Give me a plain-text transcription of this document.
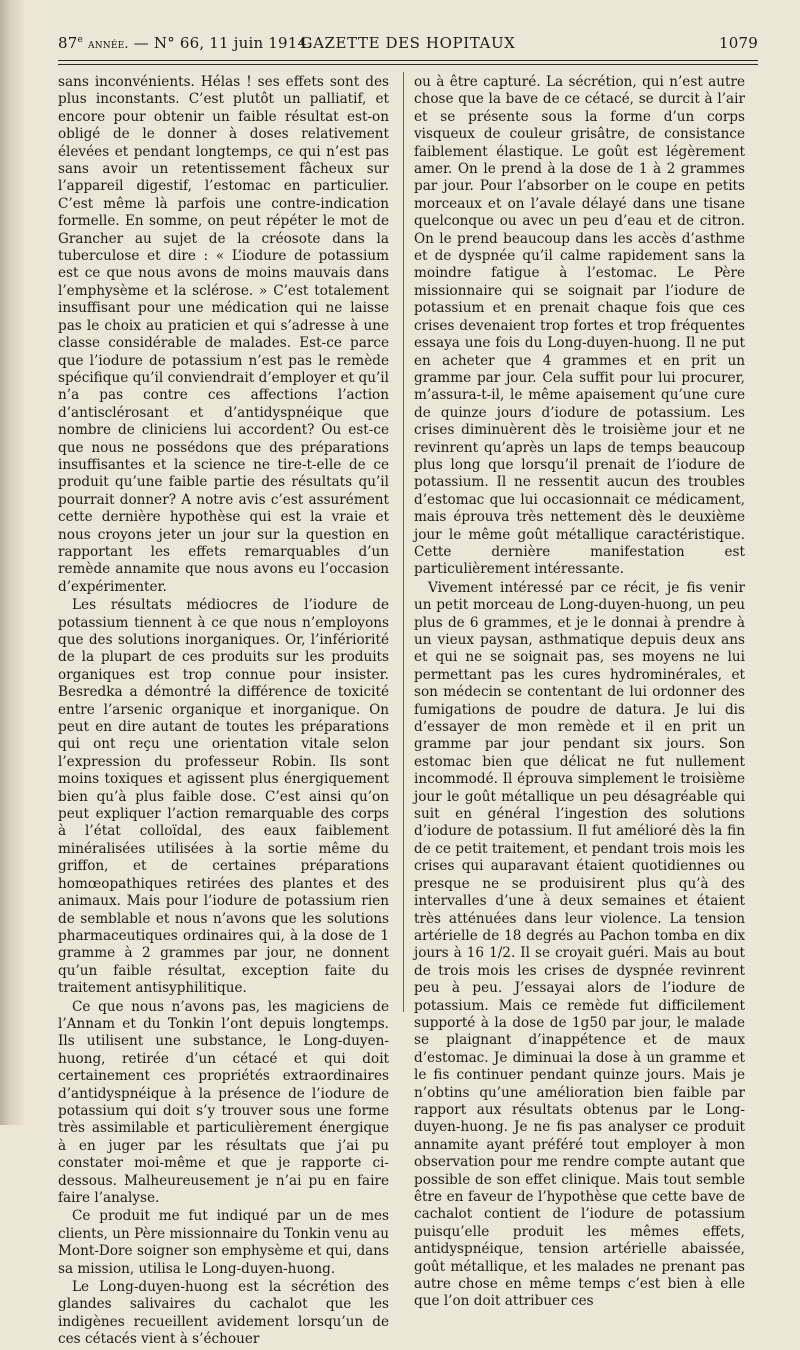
87e année. — N° 66, 11 juin 1914.
GAZETTE DES HOPITAUX	1079

sans inconvénients. Hélas ! ses effets sont des plus inconstants. C’est plutôt un palliatif, et encore pour obtenir un faible résultat est-on obligé de le donner à doses relativement élevées et pendant longtemps, ce qui n’est pas sans avoir un retentissement fâcheux sur l’appareil digestif, l’estomac en particulier. C’est même là parfois une contre-indication formelle. En somme, on peut répéter le mot de Grancher au sujet de la créosote dans la tuberculose et dire : « L’iodure de potassium est ce que nous avons de moins mauvais dans l’emphysème et la sclérose. » C’est totalement insuffisant pour une médication qui ne laisse pas le choix au praticien et qui s’adresse à une classe considérable de malades. Est-ce parce que l’iodure de potassium n’est pas le remède spécifique qu’il conviendrait d’employer et qu’il n’a pas contre ces affections l’action d’antisclérosant et d’antidyspnéique que nombre de cliniciens lui accordent? Ou est-ce que nous ne possédons que des préparations insuffisantes et la science ne tire-t-elle de ce produit qu’une faible partie des résultats qu’il pourrait donner? A notre avis c’est assurément cette dernière hypothèse qui est la vraie et nous croyons jeter un jour sur la question en rapportant les effets remarquables d’un remède annamite que nous avons eu l’occasion d’expérimenter.

Les résultats médiocres de l’iodure de potassium tiennent à ce que nous n’employons que des solutions inorganiques. Or, l’infériorité de la plupart de ces produits sur les produits organiques est trop connue pour insister. Besredka a démontré la différence de toxicité entre l’arsenic organique et inorganique. On peut en dire autant de toutes les préparations qui ont reçu une orientation vitale selon l’expression du professeur Robin. Ils sont moins toxiques et agissent plus énergiquement bien qu’à plus faible dose. C’est ainsi qu’on peut expliquer l’action remarquable des corps à l’état colloïdal, des eaux faiblement minéralisées utilisées à la sortie même du griffon, et de certaines préparations homœopathiques retirées des plantes et des animaux. Mais pour l’iodure de potassium rien de semblable et nous n’avons que les solutions pharmaceutiques ordinaires qui, à la dose de 1 gramme à 2 grammes par jour, ne donnent qu’un faible résultat, exception faite du traitement antisyphilitique.

Ce que nous n’avons pas, les magiciens de l’Annam et du Tonkin l’ont depuis longtemps. Ils utilisent une substance, le Long-duyen-huong, retirée d’un cétacé et qui doit certainement ces propriétés extraordinaires d’antidyspnéique à la présence de l’iodure de potassium qui doit s’y trouver sous une forme très assimilable et particulièrement énergique à en juger par les résultats que j’ai pu constater moi-même et que je rapporte ci-dessous. Malheureusement je n’ai pu en faire faire l’analyse.

Ce produit me fut indiqué par un de mes clients, un Père missionnaire du Tonkin venu au Mont-Dore soigner son emphysème et qui, dans sa mission, utilisa le Long-duyen-huong.

Le Long-duyen-huong est la sécrétion des glandes salivaires du cachalot que les indigènes recueillent avidement lorsqu’un de ces cétacés vient à s’échouer

ou à être capturé. La sécrétion, qui n’est autre chose que la bave de ce cétacé, se durcit à l’air et se présente sous la forme d’un corps visqueux de couleur grisâtre, de consistance faiblement élastique. Le goût est légèrement amer. On le prend à la dose de 1 à 2 grammes par jour. Pour l’absorber on le coupe en petits morceaux et on l’avale délayé dans une tisane quelconque ou avec un peu d’eau et de citron. On le prend beaucoup dans les accès d’asthme et de dyspnée qu’il calme rapidement sans la moindre fatigue à l’estomac. Le Père missionnaire qui se soignait par l’iodure de potassium et en prenait chaque fois que ces crises devenaient trop fortes et trop fréquentes essaya une fois du Long-duyen-huong. Il ne put en acheter que 4 grammes et en prit un gramme par jour. Cela suffit pour lui procurer, m’assura-t-il, le même apaisement qu’une cure de quinze jours d’iodure de potassium. Les crises diminuèrent dès le troisième jour et ne revinrent qu’après un laps de temps beaucoup plus long que lorsqu’il prenait de l’iodure de potassium. Il ne ressentit aucun des troubles d’estomac que lui occasionnait ce médicament, mais éprouva très nettement dès le deuxième jour le même goût métallique caractéristique. Cette dernière manifestation est particulièrement intéressante.

Vivement intéressé par ce récit, je fis venir un petit morceau de Long-duyen-huong, un peu plus de 6 grammes, et je le donnai à prendre à un vieux paysan, asthmatique depuis deux ans et qui ne se soignait pas, ses moyens ne lui permettant pas les cures hydrominérales, et son médecin se contentant de lui ordonner des fumigations de poudre de datura. Je lui dis d’essayer de mon remède et il en prit un gramme par jour pendant six jours. Son estomac bien que délicat ne fut nullement incommodé. Il éprouva simplement le troisième jour le goût métallique un peu désagréable qui suit en général l’ingestion des solutions d’iodure de potassium. Il fut amélioré dès la fin de ce petit traitement, et pendant trois mois les crises qui auparavant étaient quotidiennes ou presque ne se produisirent plus qu’à des intervalles d’une à deux semaines et étaient très atténuées dans leur violence. La tension artérielle de 18 degrés au Pachon tomba en dix jours à 16 1/2. Il se croyait guéri. Mais au bout de trois mois les crises de dyspnée revinrent peu à peu. J’essayai alors de l’iodure de potassium. Mais ce remède fut difficilement supporté à la dose de 1g50 par jour, le malade se plaignant d’inappétence et de maux d’estomac. Je diminuai la dose à un gramme et le fis continuer pendant quinze jours. Mais je n’obtins qu’une amélioration bien faible par rapport aux résultats obtenus par le Long-duyen-huong. Je ne fis pas analyser ce produit annamite ayant préféré tout employer à mon observation pour me rendre compte autant que possible de son effet clinique. Mais tout semble être en faveur de l’hypothèse que cette bave de cachalot contient de l’iodure de potassium puisqu’elle produit les mêmes effets, antidyspnéique, tension artérielle abaissée, goût métallique, et les malades ne prenant pas autre chose en même temps c’est bien à elle que l’on doit attribuer ces
